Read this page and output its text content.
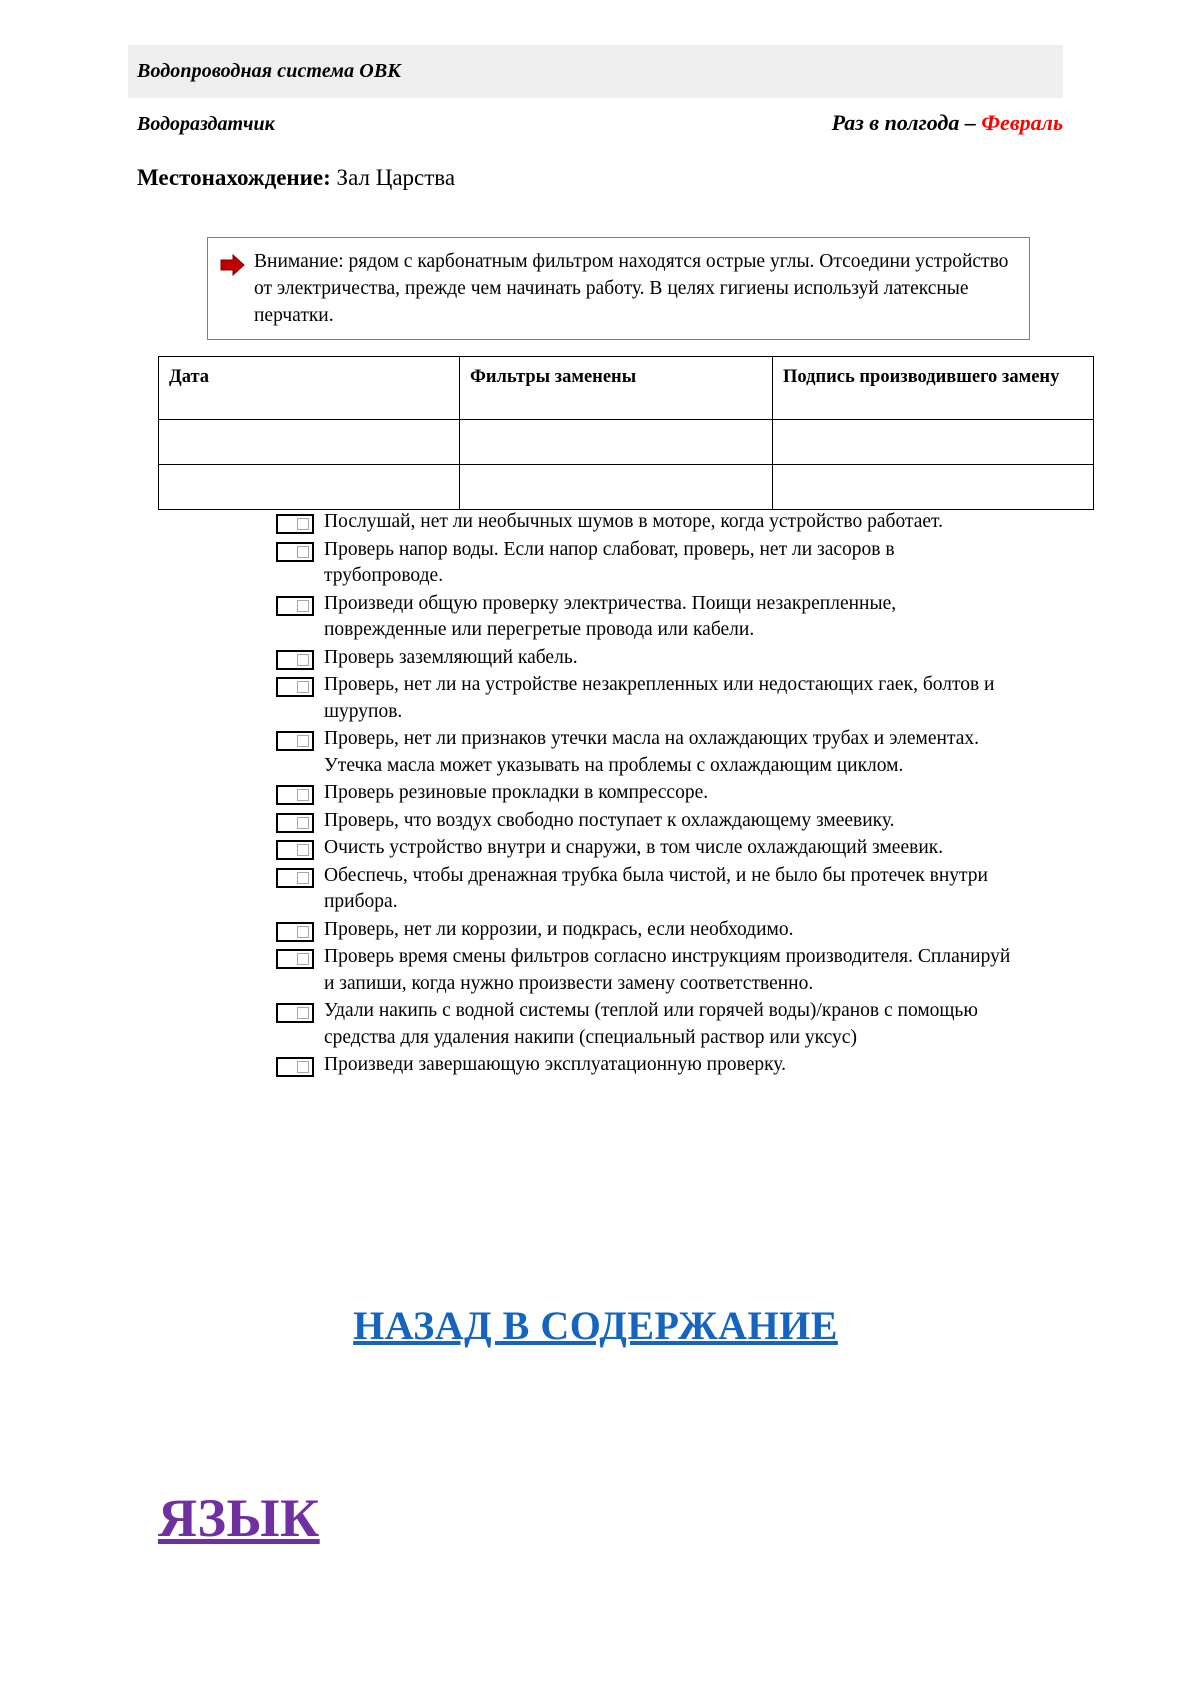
Водопроводная система ОВК
Водораздатчик	Раз в полгода – Февраль
Местонахождение: Зал Царства
Внимание: рядом с карбонатным фильтром находятся острые углы. Отсоедини устройство от электричества, прежде чем начинать работу. В целях гигиены используй латексные перчатки.
Дата	Фильтры заменены	Подпись производившего замену

Послушай, нет ли необычных шумов в моторе, когда устройство работает.
Проверь напор воды. Если напор слабоват, проверь, нет ли засоров в трубопроводе.
Произведи общую проверку электричества. Поищи незакрепленные, поврежденные или перегретые провода или кабели.
Проверь заземляющий кабель.
Проверь, нет ли на устройстве незакрепленных или недостающих гаек, болтов и шурупов.
Проверь, нет ли признаков утечки масла на охлаждающих трубах и элементах. Утечка масла может указывать на проблемы с охлаждающим циклом.
Проверь резиновые прокладки в компрессоре.
Проверь, что воздух свободно поступает к охлаждающему змеевику.
Очисть устройство внутри и снаружи, в том числе охлаждающий змеевик.
Обеспечь, чтобы дренажная трубка была чистой, и не было бы протечек внутри прибора.
Проверь, нет ли коррозии, и подкрась, если необходимо.
Проверь время смены фильтров согласно инструкциям производителя. Спланируй и запиши, когда нужно произвести замену соответственно.
Удали накипь с водной системы (теплой или горячей воды)/кранов с помощью средства для удаления накипи (специальный раствор или уксус)
Произведи завершающую эксплуатационную проверку.
НАЗАД В СОДЕРЖАНИЕ
ЯЗЫК
